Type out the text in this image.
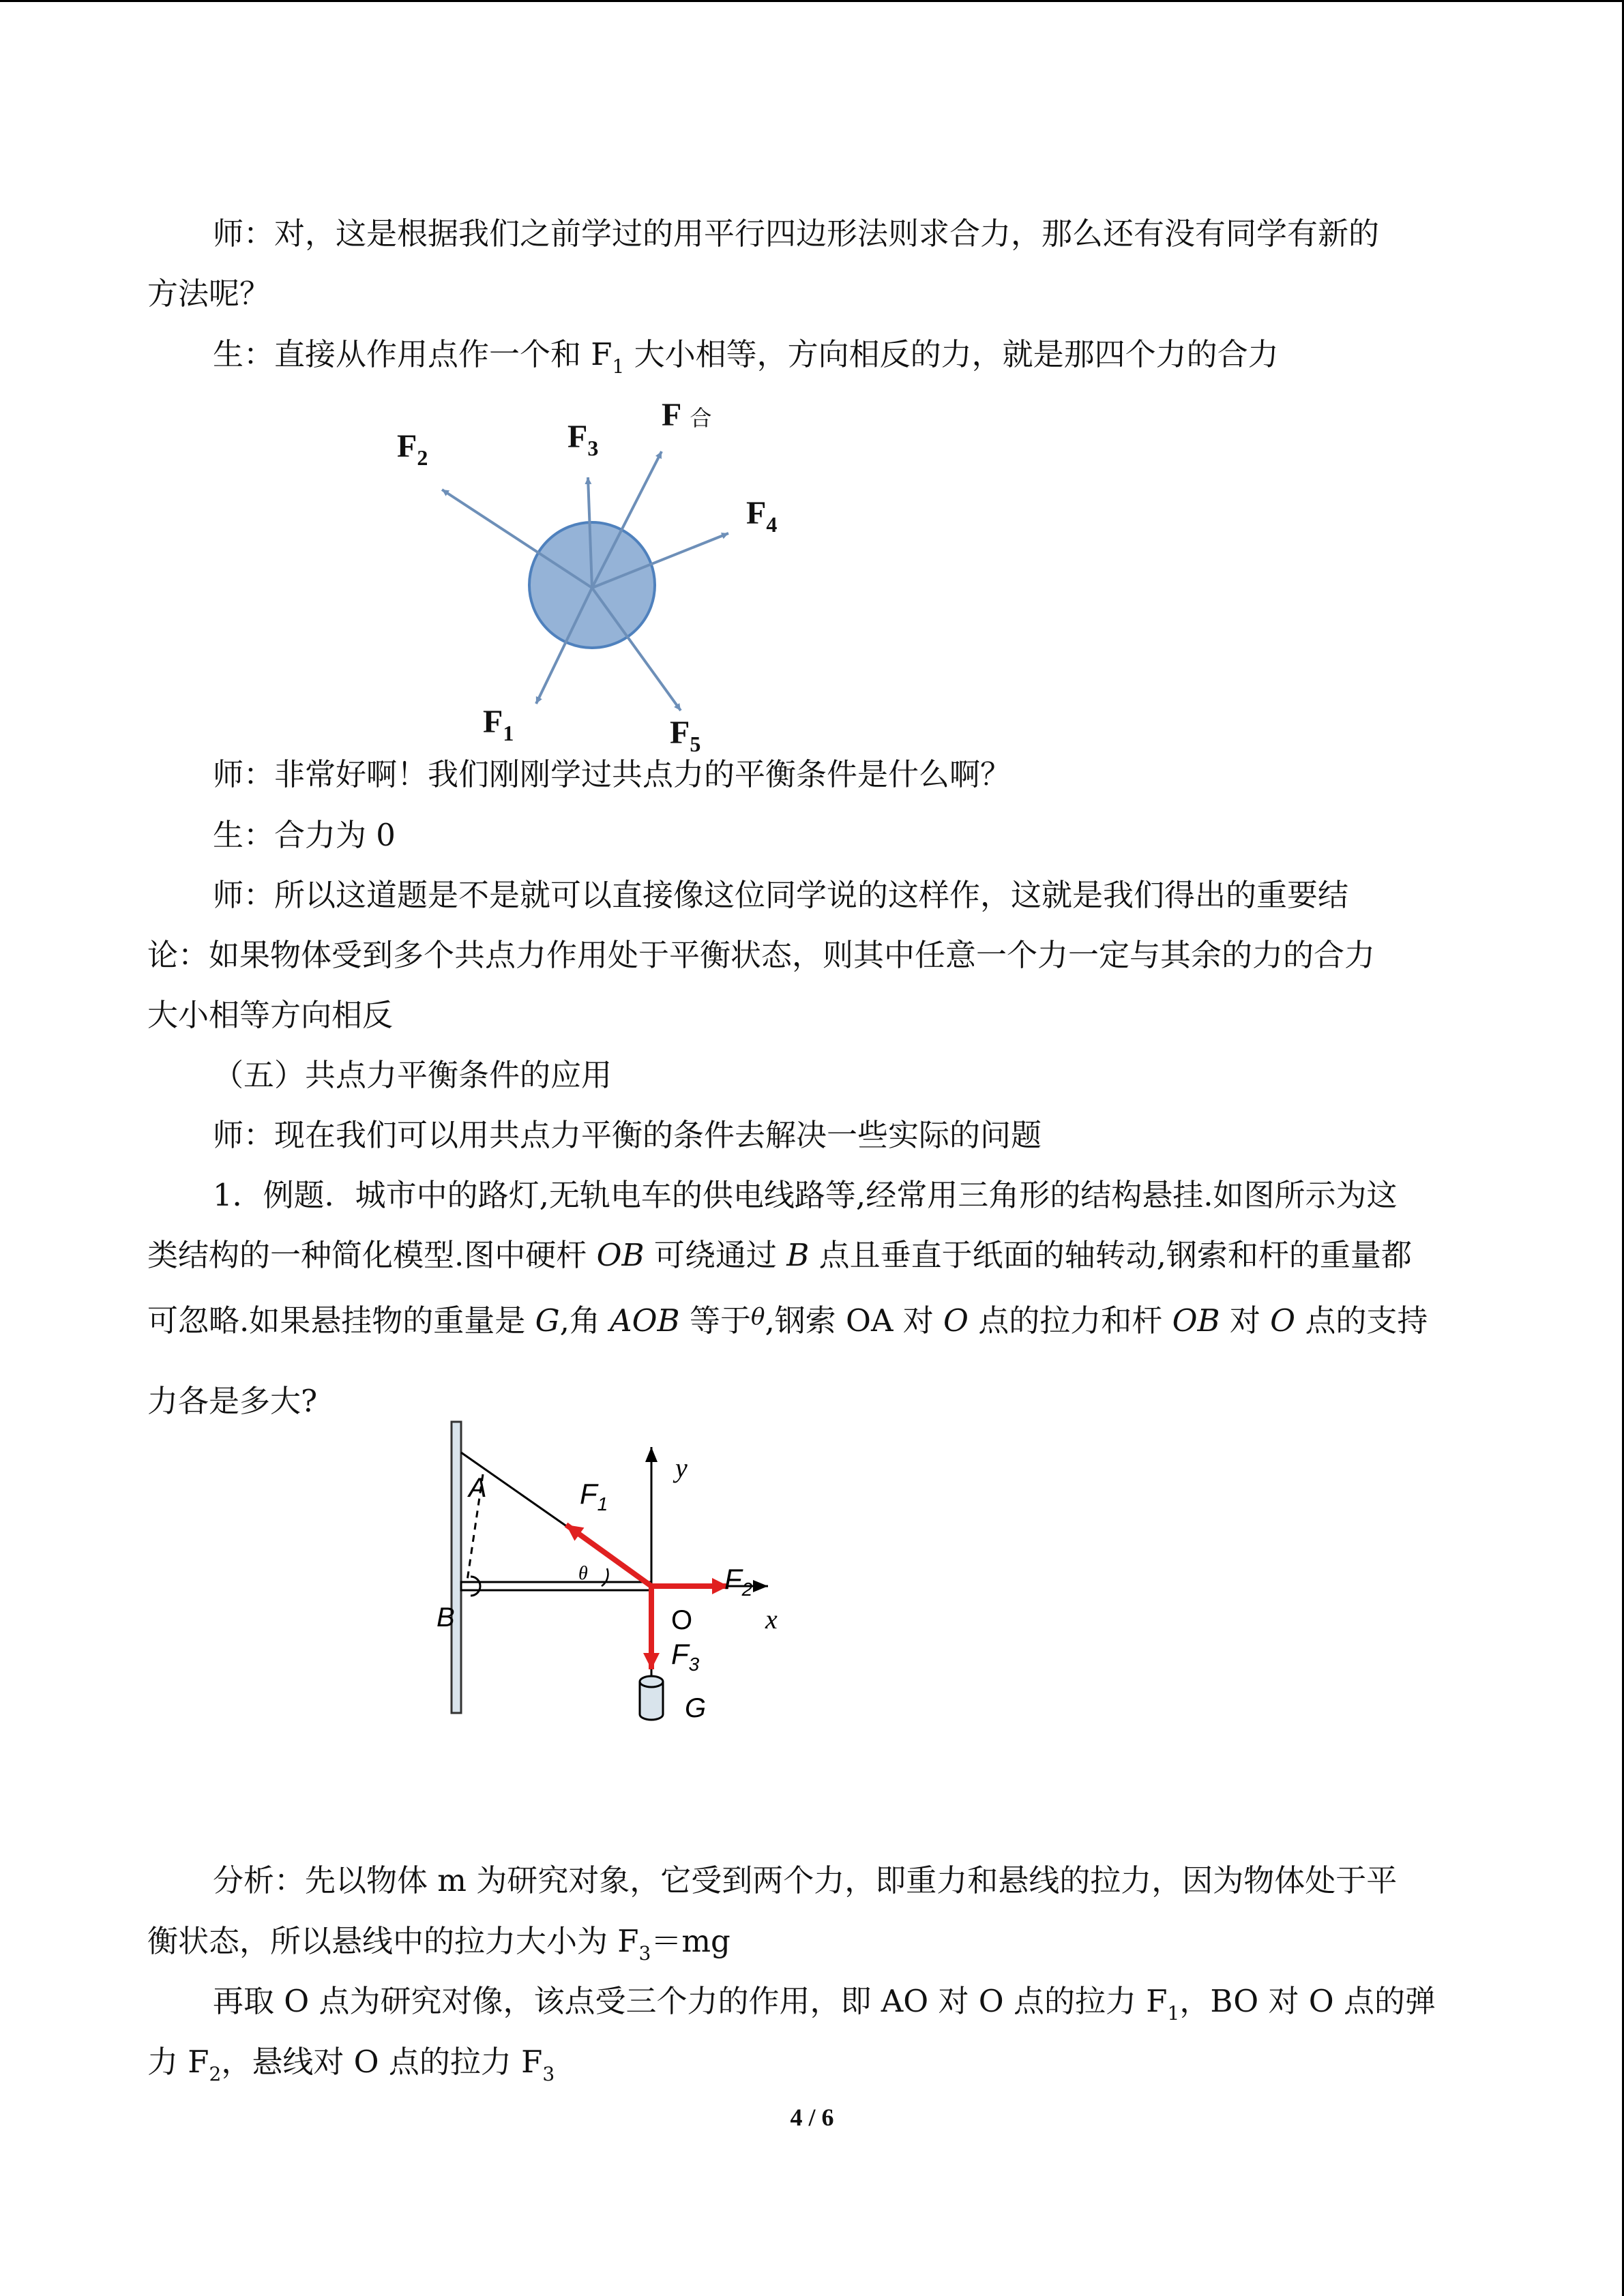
师：对，这是根据我们之前学过的用平行四边形法则求合力，那么还有没有同学有新的
方法呢？
生：直接从作用点作一个和 $F_1$ 大小相等，方向相反的力，就是那四个力的合力
$F_2$
$F_3$
F合
$F_4$
$F_1$	$F_5$
A
B	O	x
y
θ
G
$F_1$
$F_2$
$F_3$
师：非常好啊！我们刚刚学过共点力的平衡条件是什么啊？
生：合力为 0
师：所以这道题是不是就可以直接像这位同学说的这样作，这就是我们得出的重要结
论：如果物体受到多个共点力作用处于平衡状态，则其中任意一个力一定与其余的力的合力
大小相等方向相反
（五）共点力平衡条件的应用
师：现在我们可以用共点力平衡的条件去解决一些实际的问题
1．例题．城市中的路灯,无轨电车的供电线路等,经常用三角形的结构悬挂.如图所示为这
类结构的一种简化模型.图中硬杆 OB 可绕通过 B 点且垂直于纸面的轴转动,钢索和杆的重量都
可忽略.如果悬挂物的重量是 G,角 AOB 等于$^\theta$,钢索 OA 对 O 点的拉力和杆 OB 对 O 点的支持
力各是多大?
分析：先以物体 m 为研究对象，它受到两个力，即重力和悬线的拉力，因为物体处于平
衡状态，所以悬线中的拉力大小为 $F_3=mg$
再取 O 点为研究对像，该点受三个力的作用，即 AO 对 O 点的拉力 $F_1$，BO 对 O 点的弹
力 $F_2$，悬线对 O 点的拉力 $F_3$
4 / 6
